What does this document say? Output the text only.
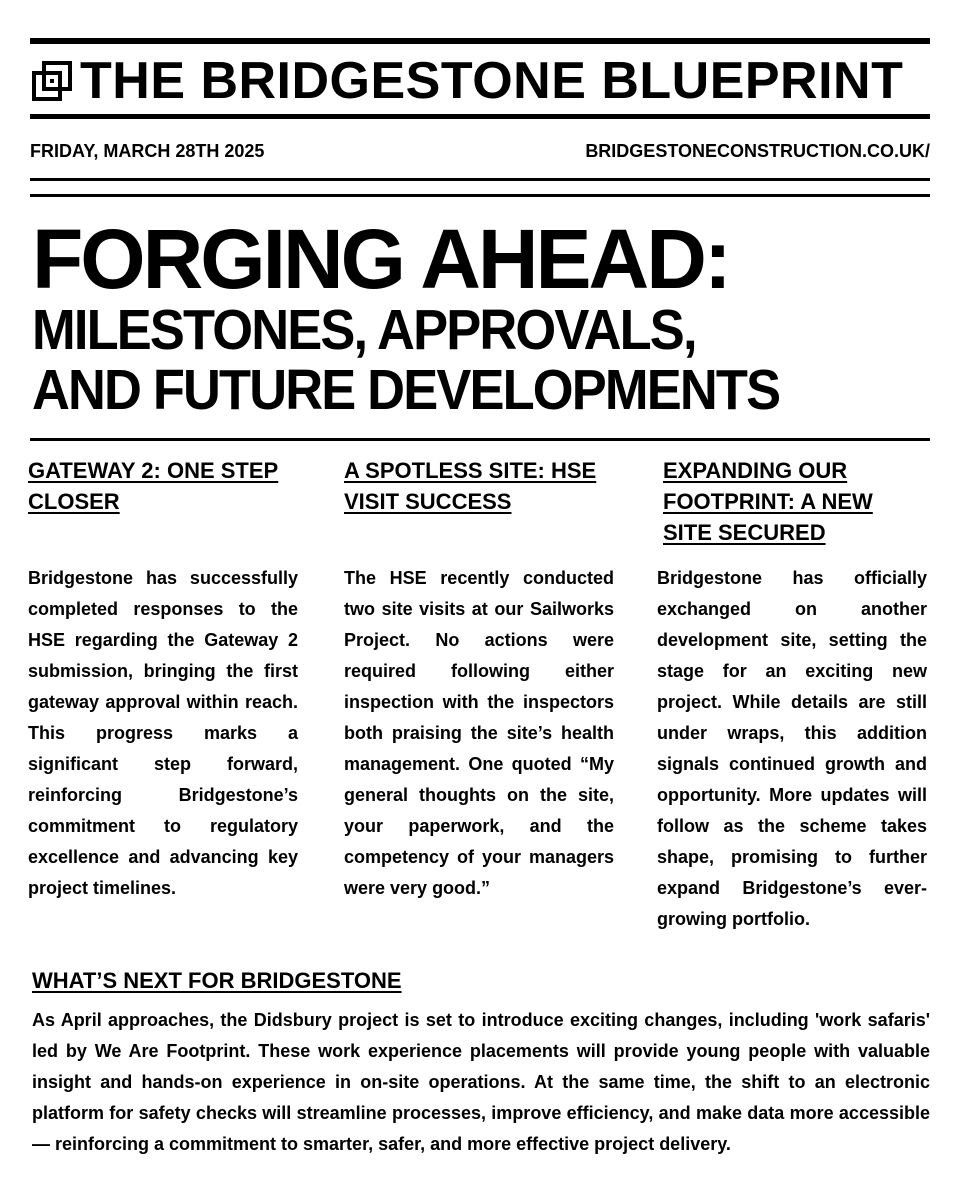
THE BRIDGESTONE BLUEPRINT
FRIDAY, MARCH 28TH 2025	BRIDGESTONECONSTRUCTION.CO.UK/
FORGING AHEAD:
MILESTONES, APPROVALS,
AND FUTURE DEVELOPMENTS
GATEWAY 2: ONE STEP CLOSER

Bridgestone has successfully completed responses to the HSE regarding the Gateway 2 submission, bringing the first gateway approval within reach. This progress marks a significant step forward, reinforcing Bridgestone’s commitment to regulatory excellence and advancing key project timelines.

A SPOTLESS SITE: HSE VISIT SUCCESS

The HSE recently conducted two site visits at our Sailworks Project. No actions were required following either inspection with the inspectors both praising the site’s health management. One quoted “My general thoughts on the site, your paperwork, and the competency of your managers were very good.”

EXPANDING OUR FOOTPRINT: A NEW SITE SECURED

Bridgestone has officially exchanged on another development site, setting the stage for an exciting new project. While details are still under wraps, this addition signals continued growth and opportunity. More updates will follow as the scheme takes shape, promising to further expand Bridgestone’s ever-growing portfolio.

WHAT’S NEXT FOR BRIDGESTONE

As April approaches, the Didsbury project is set to introduce exciting changes, including 'work safaris' led by We Are Footprint. These work experience placements will provide young people with valuable insight and hands-on experience in on-site operations. At the same time, the shift to an electronic platform for safety checks will streamline processes, improve efficiency, and make data more accessible — reinforcing a commitment to smarter, safer, and more effective project delivery.
